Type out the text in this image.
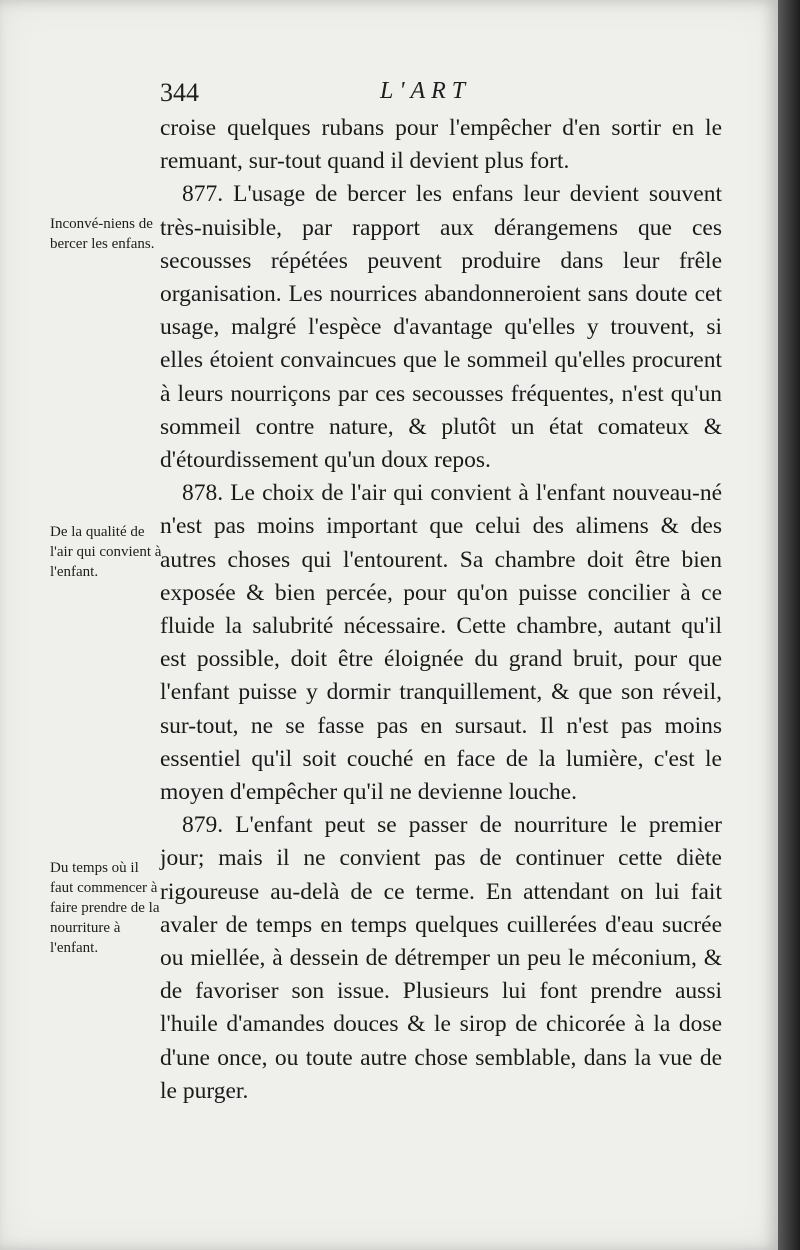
344	L'ART
Inconvé-niens de bercer les enfans.
De la qualité de l'air qui convient à l'enfant.
Du temps où il faut commencer à faire prendre de la nourriture à l'enfant.

croise quelques rubans pour l'empêcher d'en sortir en le remuant, sur-tout quand il devient plus fort.

877. L'usage de bercer les enfans leur devient souvent très-nuisible, par rapport aux dérangemens que ces secousses répétées peuvent produire dans leur frêle organisation. Les nourrices abandonneroient sans doute cet usage, malgré l'espèce d'avantage qu'elles y trouvent, si elles étoient convaincues que le sommeil qu'elles procurent à leurs nourriçons par ces secousses fréquentes, n'est qu'un sommeil contre nature, & plutôt un état comateux & d'étourdissement qu'un doux repos.

878. Le choix de l'air qui convient à l'enfant nouveau-né n'est pas moins important que celui des alimens & des autres choses qui l'entourent. Sa chambre doit être bien exposée & bien percée, pour qu'on puisse concilier à ce fluide la salubrité nécessaire. Cette chambre, autant qu'il est possible, doit être éloignée du grand bruit, pour que l'enfant puisse y dormir tranquillement, & que son réveil, sur-tout, ne se fasse pas en sursaut. Il n'est pas moins essentiel qu'il soit couché en face de la lumière, c'est le moyen d'empêcher qu'il ne devienne louche.

879. L'enfant peut se passer de nourriture le premier jour; mais il ne convient pas de continuer cette diète rigoureuse au-delà de ce terme. En attendant on lui fait avaler de temps en temps quelques cuillerées d'eau sucrée ou miellée, à dessein de détremper un peu le méconium, & de favoriser son issue. Plusieurs lui font prendre aussi l'huile d'amandes douces & le sirop de chicorée à la dose d'une once, ou toute autre chose semblable, dans la vue de le purger.
